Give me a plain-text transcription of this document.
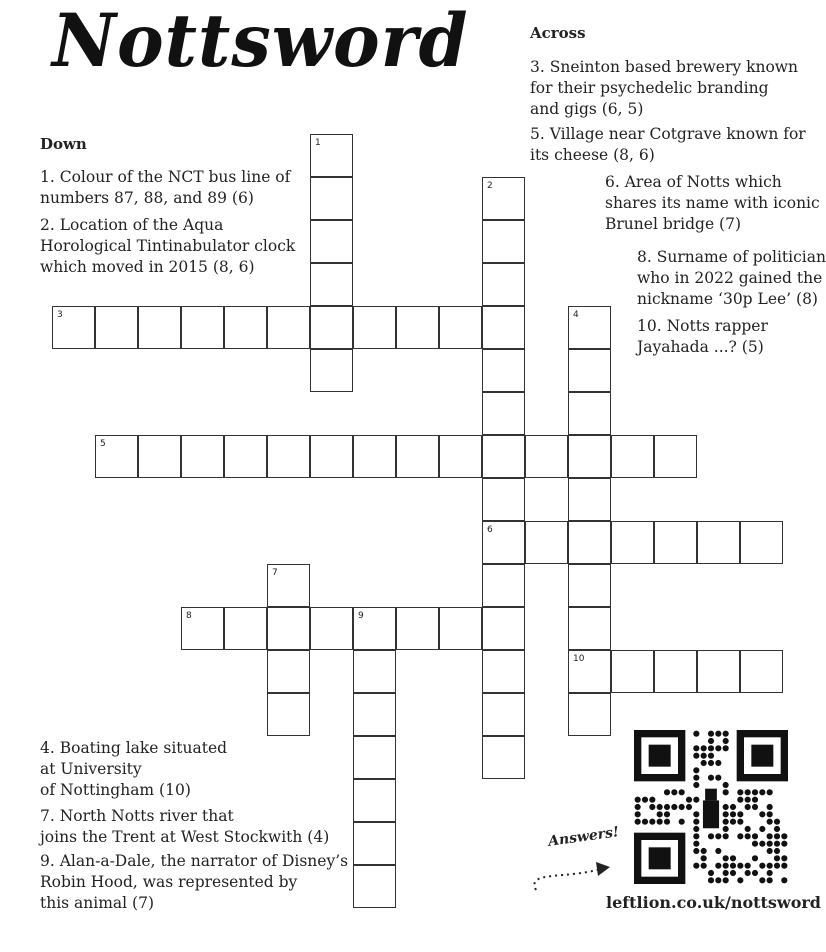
Nottsword	Across
3. Sneinton based brewery known
for their psychedelic branding
and gigs (6, 5)
5. Village near Cotgrave known for
its cheese (8, 6)
6. Area of Notts which
shares its name with iconic
Brunel bridge (7)
8. Surname of politician
who in 2022 gained the
nickname ‘30p Lee’ (8)
10. Notts rapper
Jayahada ...? (5)
Down
1. Colour of the NCT bus line of
numbers 87, 88, and 89 (6)
2. Location of the Aqua
Horological Tintinabulator clock
which moved in 2015 (8, 6)
4. Boating lake situated
at University
of Nottingham (10)
7. North Notts river that
joins the Trent at West Stockwith (4)
9. Alan-a-Dale, the narrator of Disney’s
Robin Hood, was represented by
this animal (7)
1
2
6
3	4
10
5
7
8	9
Answers!
leftlion.co.uk/nottsword
